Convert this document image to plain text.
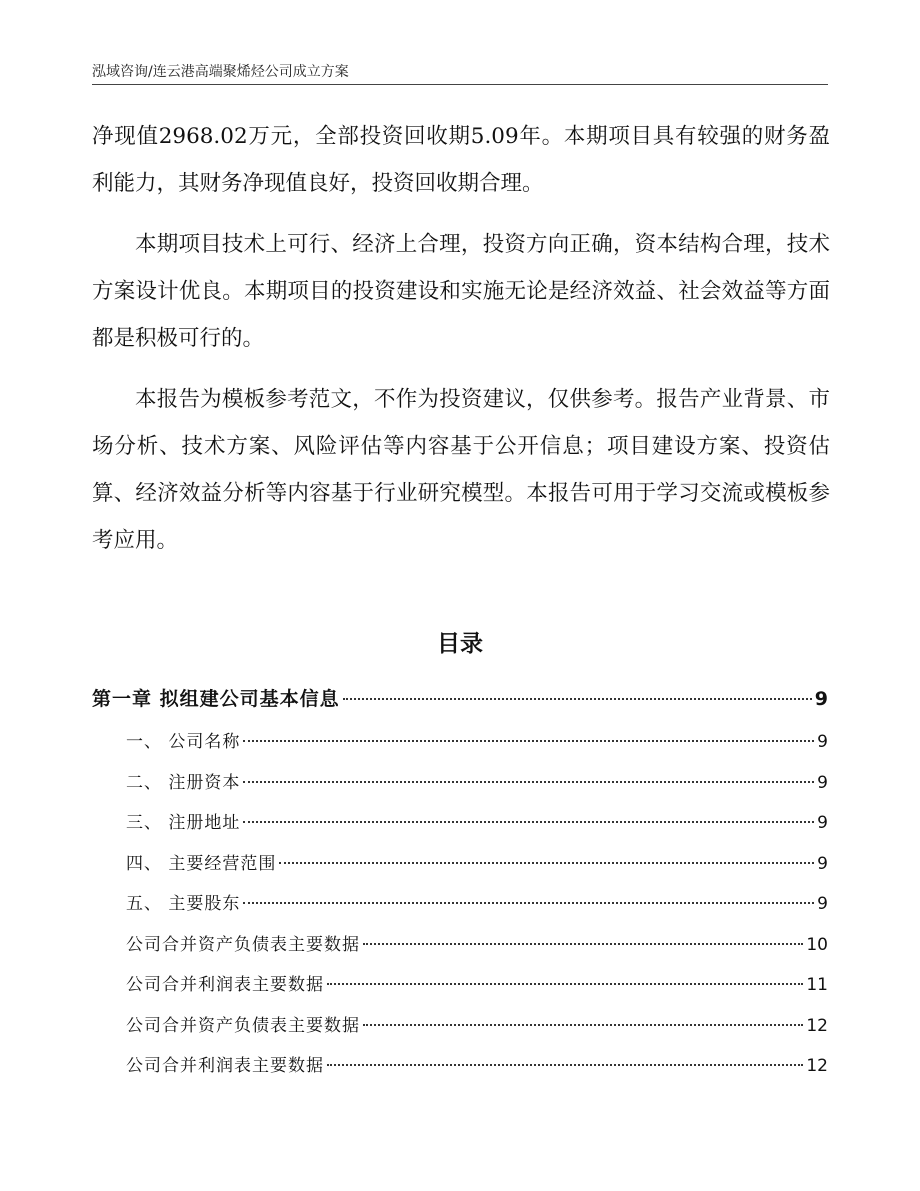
泓域咨询/连云港高端聚烯烃公司成立方案

净现值2968.02万元，全部投资回收期5.09年。本期项目具有较强的财务盈利能力，其财务净现值良好，投资回收期合理。

本期项目技术上可行、经济上合理，投资方向正确，资本结构合理，技术方案设计优良。本期项目的投资建设和实施无论是经济效益、社会效益等方面都是积极可行的。

本报告为模板参考范文，不作为投资建议，仅供参考。报告产业背景、市场分析、技术方案、风险评估等内容基于公开信息；项目建设方案、投资估算、经济效益分析等内容基于行业研究模型。本报告可用于学习交流或模板参考应用。

目录
第一章 拟组建公司基本信息	9
一、 公司名称	9
二、 注册资本	9
三、 注册地址	9
四、 主要经营范围	9
五、 主要股东	9
公司合并资产负债表主要数据	10
公司合并利润表主要数据	11
公司合并资产负债表主要数据	12
公司合并利润表主要数据	12
